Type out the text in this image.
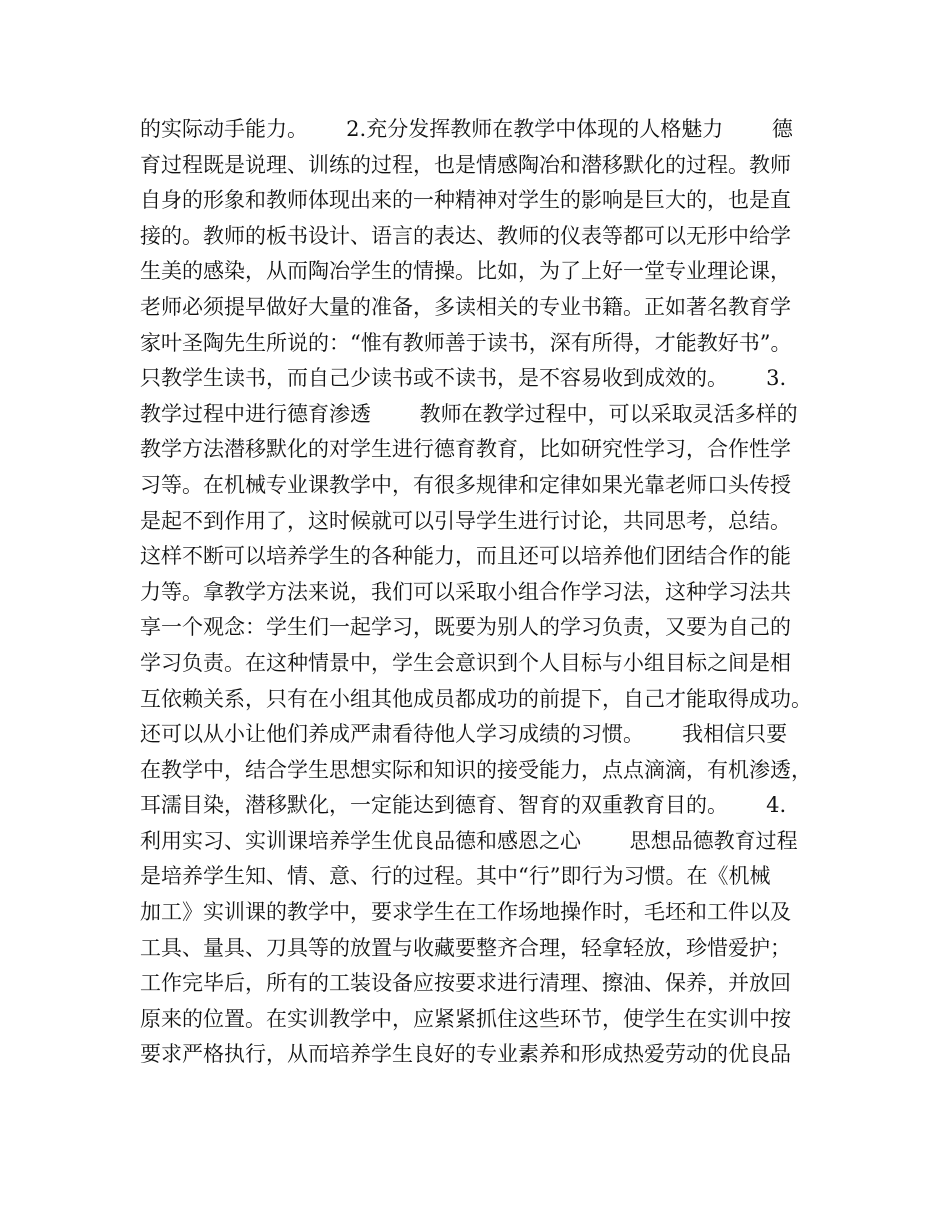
的实际动手能力。　　 2.充分发挥教师在教学中体现的人格魅力　　 德
育过程既是说理、训练的过程，也是情感陶冶和潜移默化的过程。教师
自身的形象和教师体现出来的一种精神对学生的影响是巨大的，也是直
接的。教师的板书设计、语言的表达、教师的仪表等都可以无形中给学
生美的感染，从而陶冶学生的情操。比如，为了上好一堂专业理论课，
老师必须提早做好大量的准备，多读相关的专业书籍。正如著名教育学
家叶圣陶先生所说的：“惟有教师善于读书，深有所得，才能教好书”。
只教学生读书，而自己少读书或不读书，是不容易收到成效的。　　 3.
教学过程中进行德育渗透　　 教师在教学过程中，可以采取灵活多样的
教学方法潜移默化的对学生进行德育教育，比如研究性学习，合作性学
习等。在机械专业课教学中，有很多规律和定律如果光靠老师口头传授
是起不到作用了，这时候就可以引导学生进行讨论，共同思考，总结。
这样不断可以培养学生的各种能力，而且还可以培养他们团结合作的能
力等。拿教学方法来说，我们可以采取小组合作学习法，这种学习法共
享一个观念：学生们一起学习，既要为别人的学习负责，又要为自己的
学习负责。在这种情景中，学生会意识到个人目标与小组目标之间是相
互依赖关系，只有在小组其他成员都成功的前提下，自己才能取得成功。
还可以从小让他们养成严肃看待他人学习成绩的习惯。　　 我相信只要
在教学中，结合学生思想实际和知识的接受能力，点点滴滴，有机渗透，
耳濡目染，潜移默化，一定能达到德育、智育的双重教育目的。　　 4.
利用实习、实训课培养学生优良品德和感恩之心　　 思想品德教育过程
是培养学生知、情、意、行的过程。其中“行”即行为习惯。在《机械
加工》实训课的教学中，要求学生在工作场地操作时，毛坯和工件以及
工具、量具、刀具等的放置与收藏要整齐合理，轻拿轻放，珍惜爱护；
工作完毕后，所有的工装设备应按要求进行清理、擦油、保养，并放回
原来的位置。在实训教学中，应紧紧抓住这些环节，使学生在实训中按
要求严格执行，从而培养学生良好的专业素养和形成热爱劳动的优良品
